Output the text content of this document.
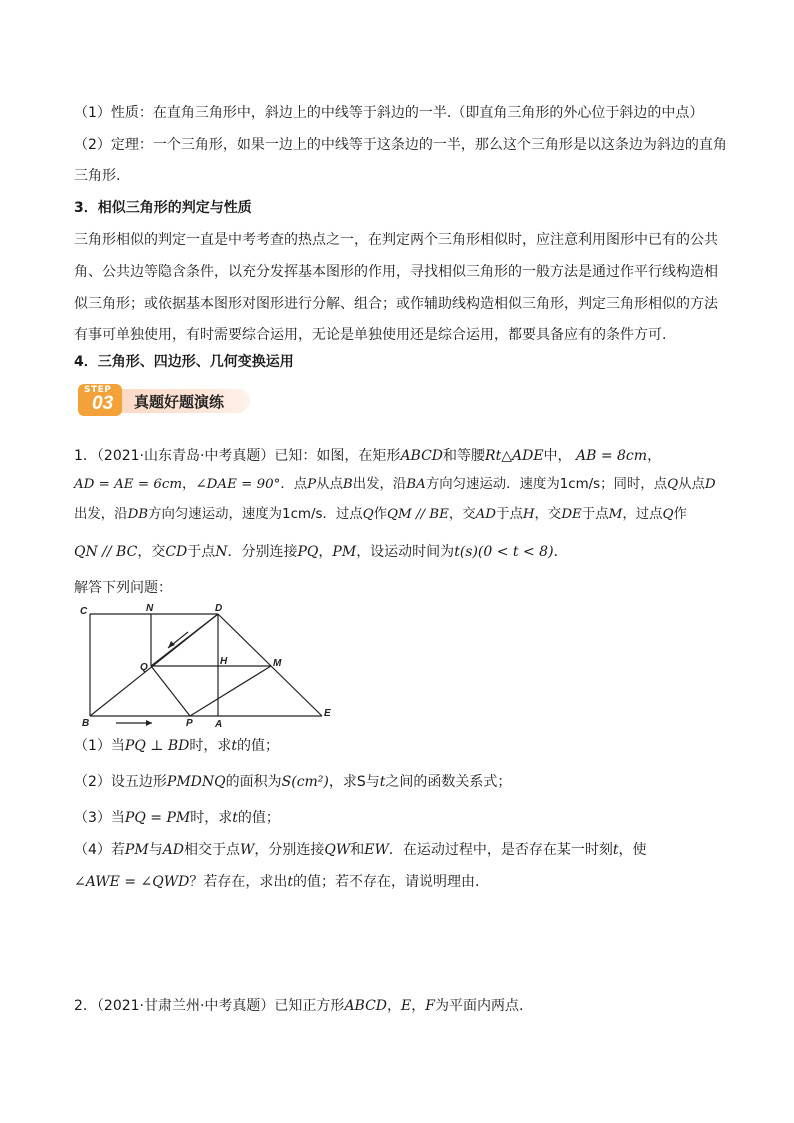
（1）性质：在直角三角形中，斜边上的中线等于斜边的一半.（即直角三角形的外心位于斜边的中点）
（2）定理：一个三角形，如果一边上的中线等于这条边的一半，那么这个三角形是以这条边为斜边的直角
三角形.
3．相似三角形的判定与性质
三角形相似的判定一直是中考考查的热点之一，在判定两个三角形相似时，应注意利用图形中已有的公共
角、公共边等隐含条件，以充分发挥基本图形的作用，寻找相似三角形的一般方法是通过作平行线构造相
似三角形；或依据基本图形对图形进行分解、组合；或作辅助线构造相似三角形，判定三角形相似的方法
有事可单独使用，有时需要综合运用，无论是单独使用还是综合运用，都要具备应有的条件方可.
4．三角形、四边形、几何变换运用
STEP
03 真题好题演练
1．（2021·山东青岛·中考真题）已知：如图，在矩形ABCD和等腰Rt△ADE中， AB = 8cm，
AD = AE = 6cm，∠DAE = 90°．点P从点B出发，沿BA方向匀速运动．速度为1cm/s；同时，点Q从点D
出发，沿DB方向匀速运动，速度为1cm/s．过点Q作QM // BE，交AD于点H，交DE于点M，过点Q作
QN // BC，交CD于点N．分别连接PQ，PM，设运动时间为t(s)(0 < t < 8)．
解答下列问题：
C	N	D
Q
H	M
B	P A
E
（1）当PQ ⊥ BD时，求t的值；
（2）设五边形PMDNQ的面积为S(cm²)，求S与t之间的函数关系式；
（3）当PQ = PM时，求t的值；
（4）若PM与AD相交于点W，分别连接QW和EW．在运动过程中，是否存在某一时刻t，使
∠AWE = ∠QWD？若存在，求出t的值；若不存在，请说明理由.
2．（2021·甘肃兰州·中考真题）已知正方形ABCD，E，F为平面内两点.
